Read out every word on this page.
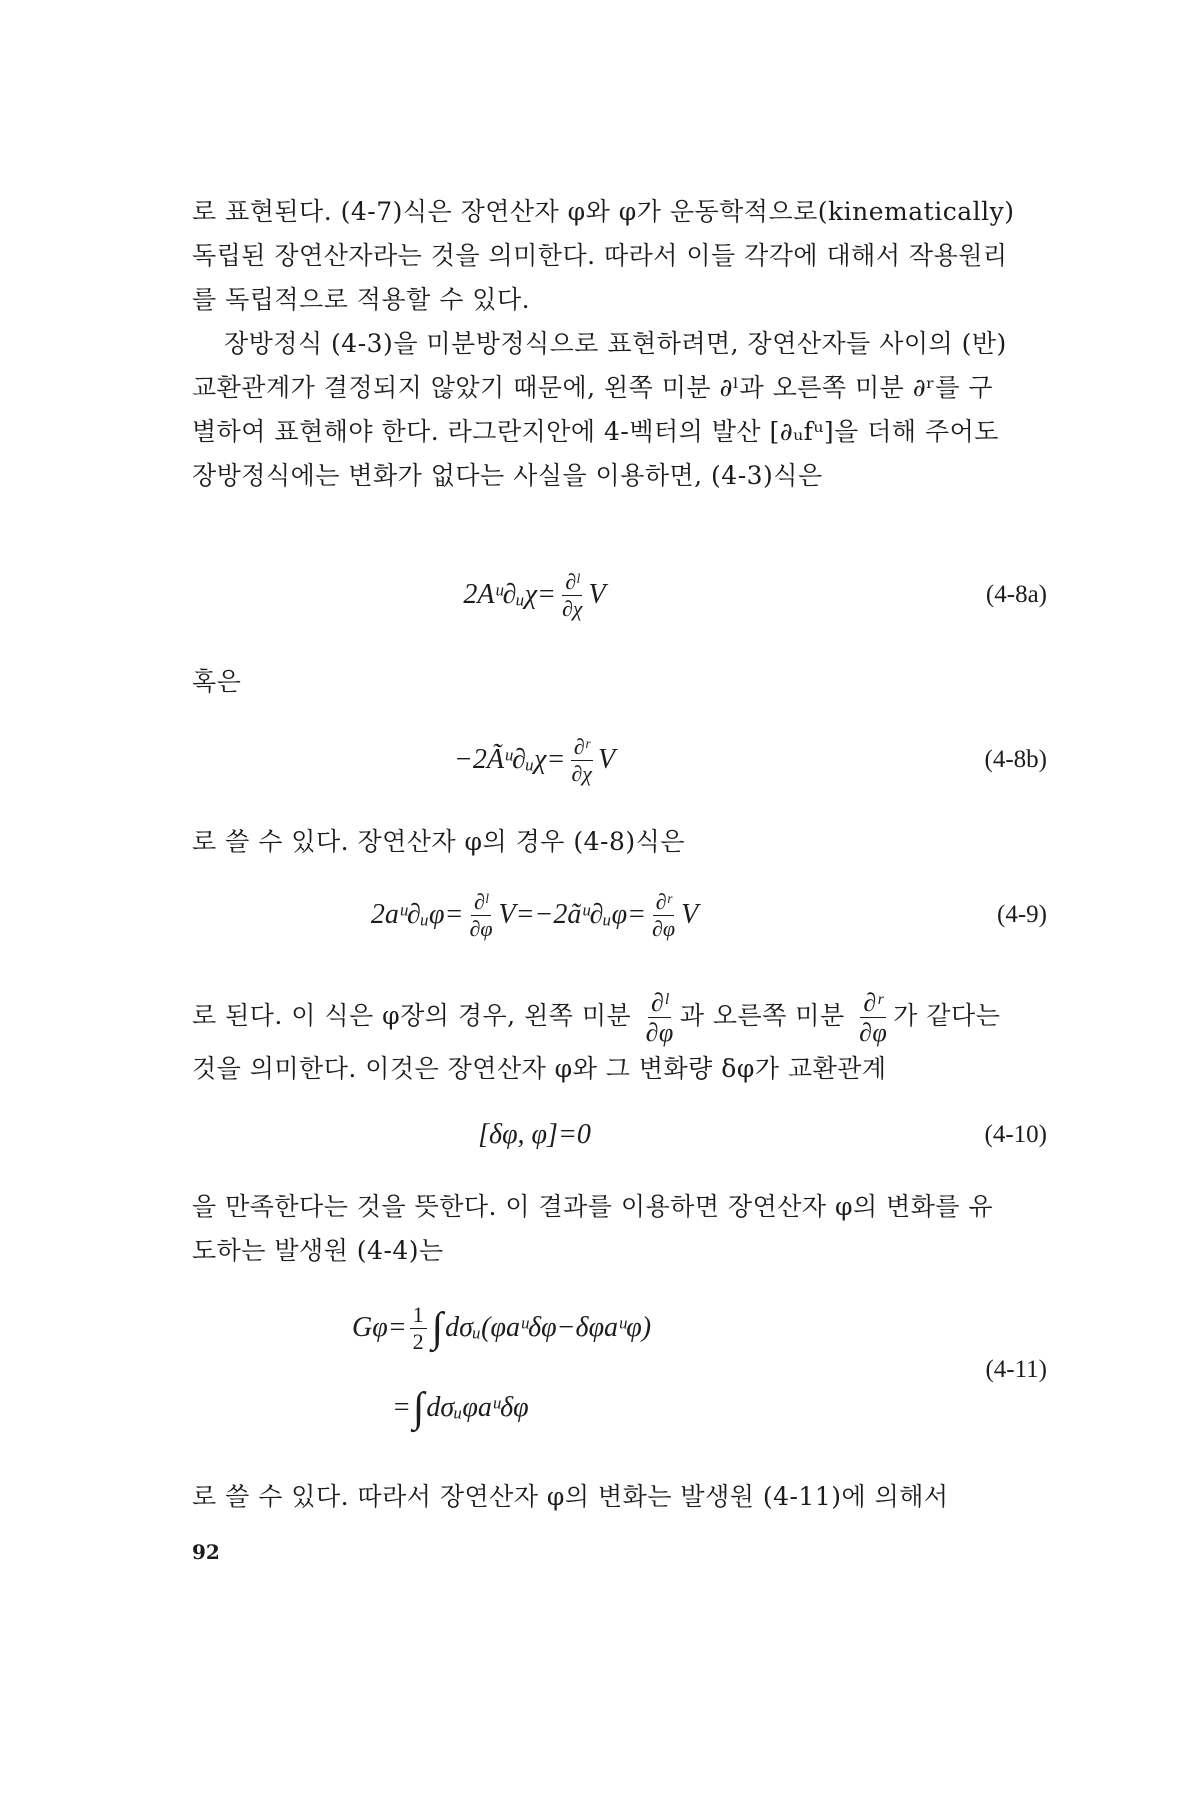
로 표현된다. (4-7)식은 장연산자 φ와 φ가 운동학적으로(kinematically)
독립된 장연산자라는 것을 의미한다. 따라서 이들 각각에 대해서 작용원리
를 독립적으로 적용할 수 있다.
장방정식 (4-3)을 미분방정식으로 표현하려면, 장연산자들 사이의 (반)
교환관계가 결정되지 않았기 때문에, 왼쪽 미분 ∂ˡ과 오른쪽 미분 ∂ʳ를 구
별하여 표현해야 한다. 라그란지안에 4-벡터의 발산 [∂ᵤfᵘ]을 더해 주어도
장방정식에는 변화가 없다는 사실을 이용하면, (4-3)식은
2Aᵘ∂ᵤχ= $\frac{\text{∂ˡ}}{\partial\chi}$ V	(4-8a)
혹은
−2Ãᵘ∂ᵤχ= $\frac{\text{∂ʳ}}{\partial\chi}$ V	(4-8b)
로 쓸 수 있다. 장연산자 φ의 경우 (4-8)식은
2aᵘ∂ᵤφ= $\frac{\text{∂ˡ}}{\partial\varphi}$ V=−2ãᵘ∂ᵤφ= $\frac{\text{∂ʳ}}{\partial\varphi}$ V	(4-9)
로 된다. 이 식은 φ장의 경우, 왼쪽 미분 $\frac{\text{∂ˡ}}{\partial\varphi}$ 과 오른쪽 미분 $\frac{\text{∂ʳ}}{\partial\varphi}$ 가 같다는
것을 의미한다. 이것은 장연산자 φ와 그 변화량 δφ가 교환관계
[δφ, φ]=0	(4-10)
을 만족한다는 것을 뜻한다. 이 결과를 이용하면 장연산자 φ의 변화를 유
도하는 발생원 (4-4)는
$G\varphi= \frac{1}{2}$ ∫ dσᵤ(φaᵘδφ−δφaᵘφ)
= ∫ dσᵤφaᵘδφ
(4-11)
로 쓸 수 있다. 따라서 장연산자 φ의 변화는 발생원 (4-11)에 의해서
92
